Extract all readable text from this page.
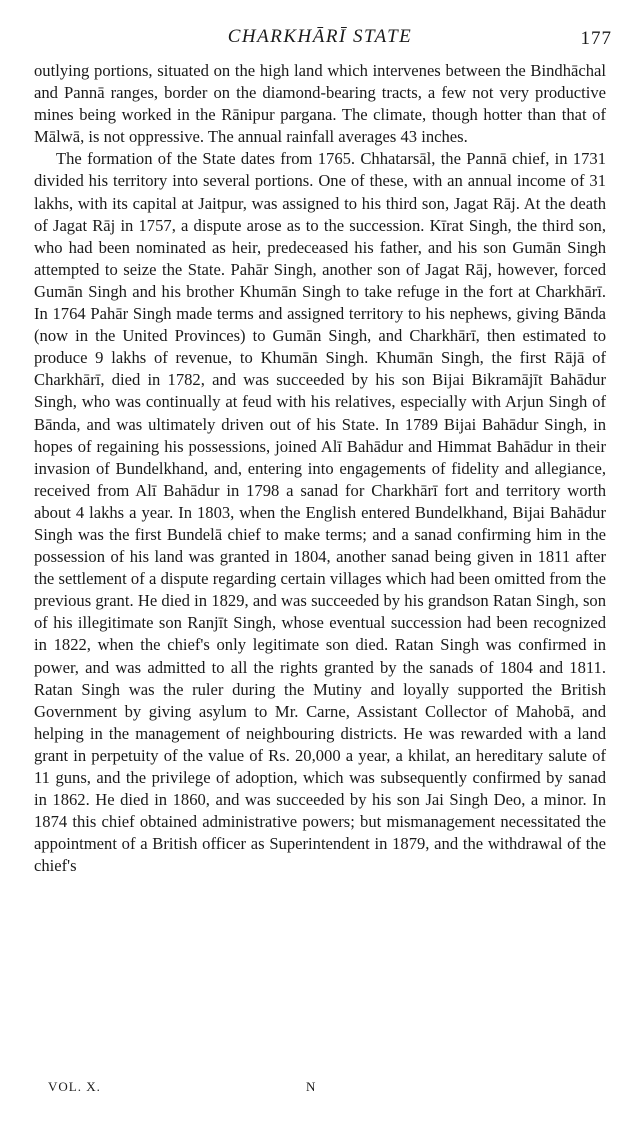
CHARKHĀRĪ STATE	177

outlying portions, situated on the high land which intervenes between the Bindhāchal and Pannā ranges, border on the diamond-bearing tracts, a few not very productive mines being worked in the Rānipur pargana. The climate, though hotter than that of Mālwā, is not oppressive. The annual rainfall averages 43 inches.

The formation of the State dates from 1765. Chhatarsāl, the Pannā chief, in 1731 divided his territory into several portions. One of these, with an annual income of 31 lakhs, with its capital at Jaitpur, was assigned to his third son, Jagat Rāj. At the death of Jagat Rāj in 1757, a dispute arose as to the succession. Kīrat Singh, the third son, who had been nominated as heir, predeceased his father, and his son Gumān Singh attempted to seize the State. Pahār Singh, another son of Jagat Rāj, however, forced Gumān Singh and his brother Khumān Singh to take refuge in the fort at Charkhārī. In 1764 Pahār Singh made terms and assigned territory to his nephews, giving Bānda (now in the United Provinces) to Gumān Singh, and Charkhārī, then estimated to produce 9 lakhs of revenue, to Khumān Singh. Khumān Singh, the first Rājā of Charkhārī, died in 1782, and was succeeded by his son Bijai Bikramājīt Bahādur Singh, who was continually at feud with his relatives, especially with Arjun Singh of Bānda, and was ultimately driven out of his State. In 1789 Bijai Bahādur Singh, in hopes of regaining his possessions, joined Alī Bahādur and Himmat Bahādur in their invasion of Bundelkhand, and, entering into engagements of fidelity and allegiance, received from Alī Bahādur in 1798 a sanad for Charkhārī fort and territory worth about 4 lakhs a year. In 1803, when the English entered Bundelkhand, Bijai Bahādur Singh was the first Bundelā chief to make terms; and a sanad confirming him in the possession of his land was granted in 1804, another sanad being given in 1811 after the settlement of a dispute regarding certain villages which had been omitted from the previous grant. He died in 1829, and was succeeded by his grandson Ratan Singh, son of his illegitimate son Ranjīt Singh, whose eventual succession had been recognized in 1822, when the chief's only legitimate son died. Ratan Singh was confirmed in power, and was admitted to all the rights granted by the sanads of 1804 and 1811. Ratan Singh was the ruler during the Mutiny and loyally supported the British Government by giving asylum to Mr. Carne, Assistant Collector of Mahobā, and helping in the management of neighbouring districts. He was rewarded with a land grant in perpetuity of the value of Rs. 20,000 a year, a khilat, an hereditary salute of 11 guns, and the privilege of adoption, which was subsequently confirmed by sanad in 1862. He died in 1860, and was succeeded by his son Jai Singh Deo, a minor. In 1874 this chief obtained administrative powers; but mismanagement necessitated the appointment of a British officer as Superintendent in 1879, and the withdrawal of the chief's

VOL. X.	N
